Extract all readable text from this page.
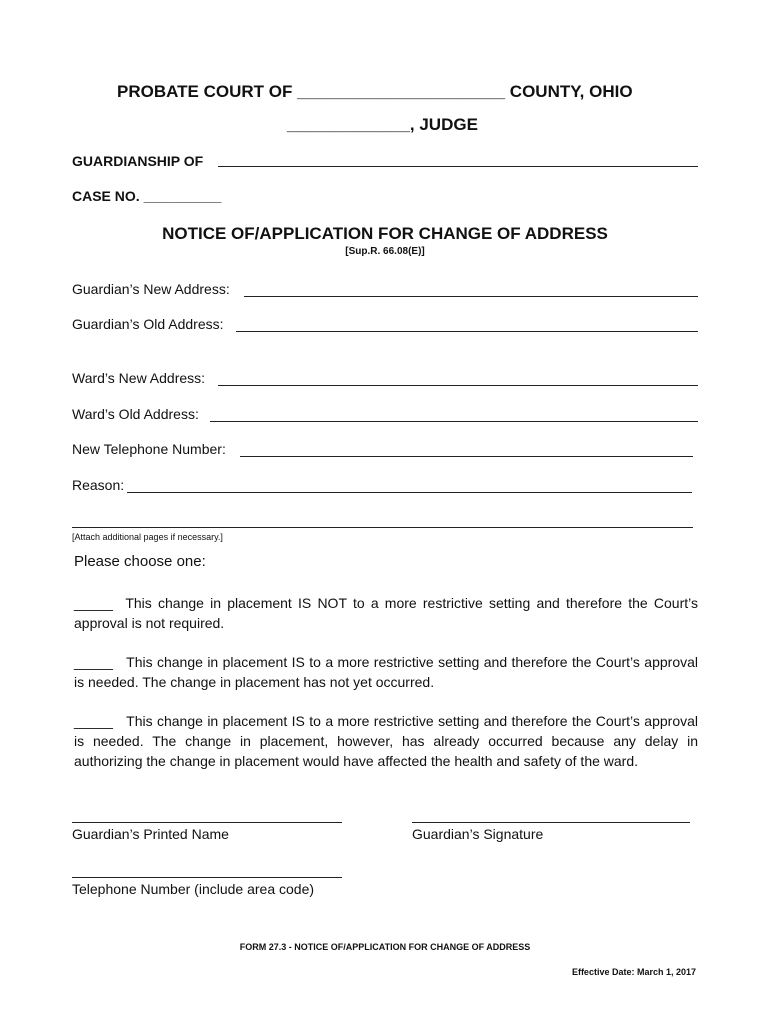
PROBATE COURT OF ______________________ COUNTY, OHIO
_____________, JUDGE
GUARDIANSHIP OF
CASE NO. __________
NOTICE OF/APPLICATION FOR CHANGE OF ADDRESS
[Sup.R. 66.08(E)]
Guardian’s New Address:
Guardian’s Old Address:
Ward’s New Address:
Ward’s Old Address:
New Telephone Number:
Reason:
[Attach additional pages if necessary.]
Please choose one:
_____ This change in placement IS NOT to a more restrictive setting and therefore the Court’s approval is not required.
_____ This change in placement IS to a more restrictive setting and therefore the Court’s approval is needed. The change in placement has not yet occurred.
_____ This change in placement IS to a more restrictive setting and therefore the Court’s approval is needed. The change in placement, however, has already occurred because any delay in authorizing the change in placement would have affected the health and safety of the ward.
Guardian’s Printed Name	Guardian’s Signature
Telephone Number (include area code)
FORM 27.3 - NOTICE OF/APPLICATION FOR CHANGE OF ADDRESS
Effective Date: March 1, 2017
